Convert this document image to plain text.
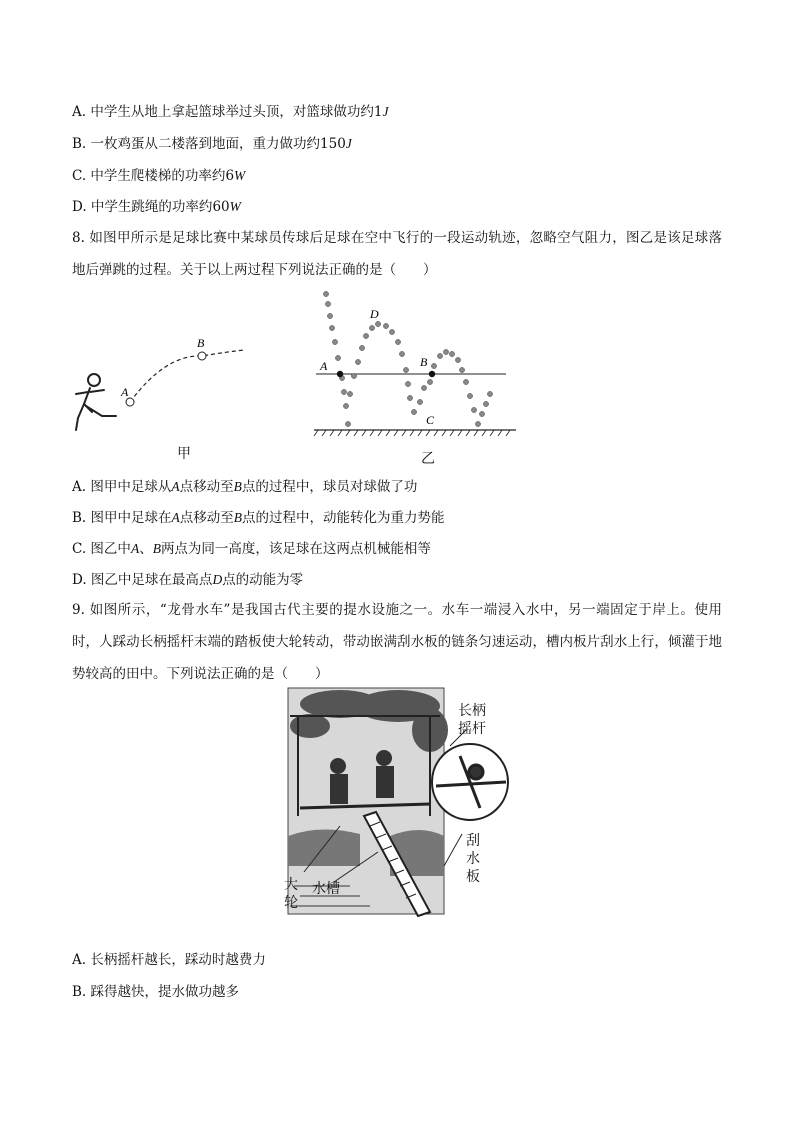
A. 中学生从地上拿起篮球举过头顶，对篮球做功约1J
B. 一枚鸡蛋从二楼落到地面，重力做功约150J
C. 中学生爬楼梯的功率约6W
D. 中学生跳绳的功率约60W
8. 如图甲所示是足球比赛中某球员传球后足球在空中飞行的一段运动轨迹，忽略空气阻力，图乙是该足球落地后弹跳的过程。关于以上两过程下列说法正确的是（　　）
A
B
甲
A	B
C
D
乙
A. 图甲中足球从A点移动至B点的过程中，球员对球做了功
B. 图甲中足球在A点移动至B点的过程中，动能转化为重力势能
C. 图乙中A、B两点为同一高度，该足球在这两点机械能相等
D. 图乙中足球在最高点D点的动能为零
9. 如图所示，“龙骨水车”是我国古代主要的提水设施之一。水车一端浸入水中，另一端固定于岸上。使用时，人踩动长柄摇杆末端的踏板使大轮转动，带动嵌满刮水板的链条匀速运动，槽内板片刮水上行，倾灌于地势较高的田中。下列说法正确的是（　　）
长柄
摇杆
刮
水
板
大
轮
水槽
A. 长柄摇杆越长，踩动时越费力
B. 踩得越快，提水做功越多
